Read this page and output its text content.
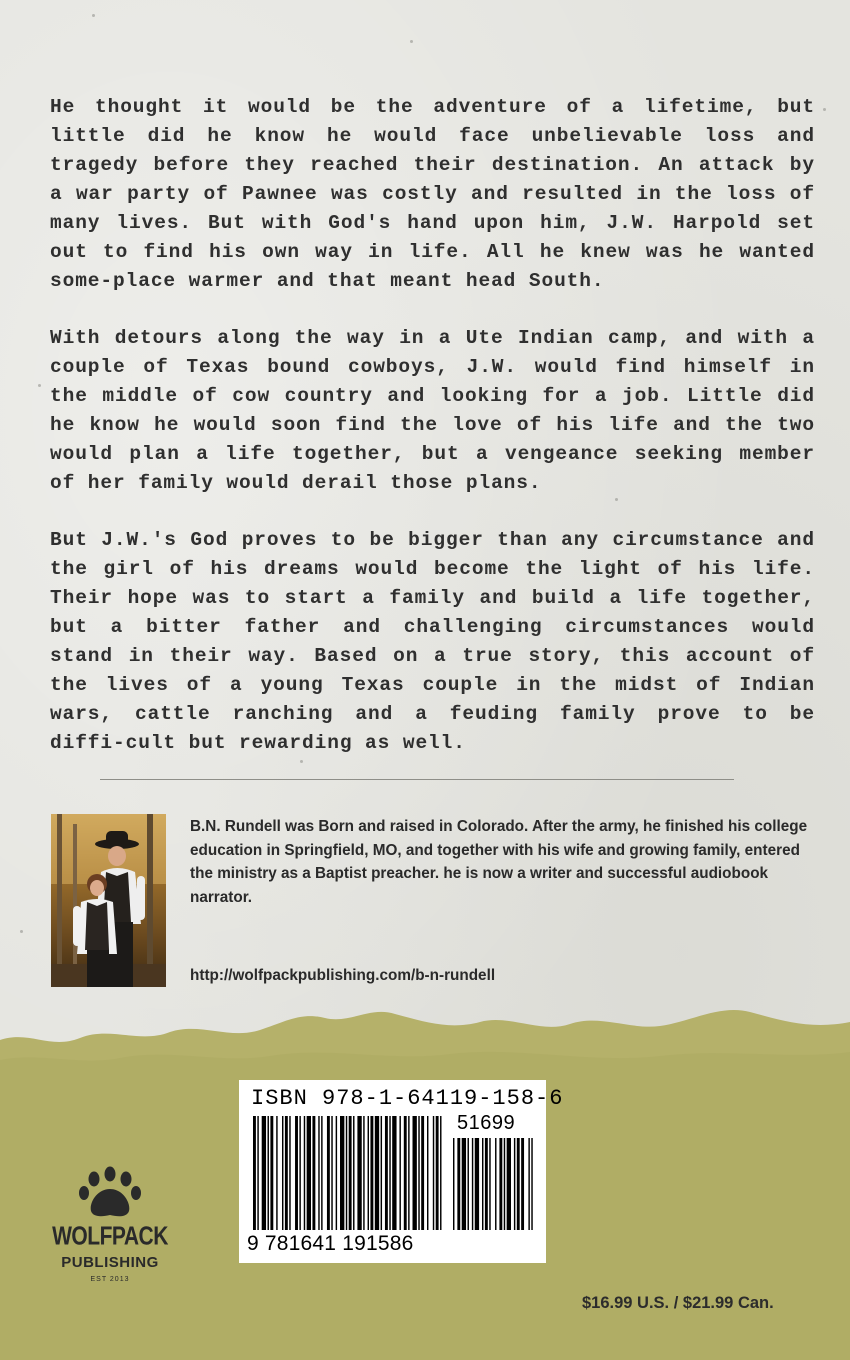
He thought it would be the adventure of a lifetime, but little did he know he would face unbelievable loss and tragedy before they reached their destination. An attack by a war party of Pawnee was costly and resulted in the loss of many lives. But with God's hand upon him, J.W. Harpold set out to find his own way in life. All he knew was he wanted some-place warmer and that meant head South.

With detours along the way in a Ute Indian camp, and with a couple of Texas bound cowboys, J.W. would find himself in the middle of cow country and looking for a job. Little did he know he would soon find the love of his life and the two would plan a life together, but a vengeance seeking member of her family would derail those plans.

But J.W.'s God proves to be bigger than any circumstance and the girl of his dreams would become the light of his life. Their hope was to start a family and build a life together, but a bitter father and challenging circumstances would stand in their way. Based on a true story, this account of the lives of a young Texas couple in the midst of Indian wars, cattle ranching and a feuding family prove to be diffi-cult but rewarding as well.

B.N. Rundell was Born and raised in Colorado. After the army, he finished his college education in Springfield, MO, and together with his wife and growing family, entered the ministry as a Baptist preacher. he is now a writer and successful audiobook narrator.

http://wolfpackpublishing.com/b-n-rundell

ISBN 978-1-64119-158-6

51699

9 781641 191586

WOLFPACK

PUBLISHING

EST 2013

$16.99 U.S. / $21.99 Can.
